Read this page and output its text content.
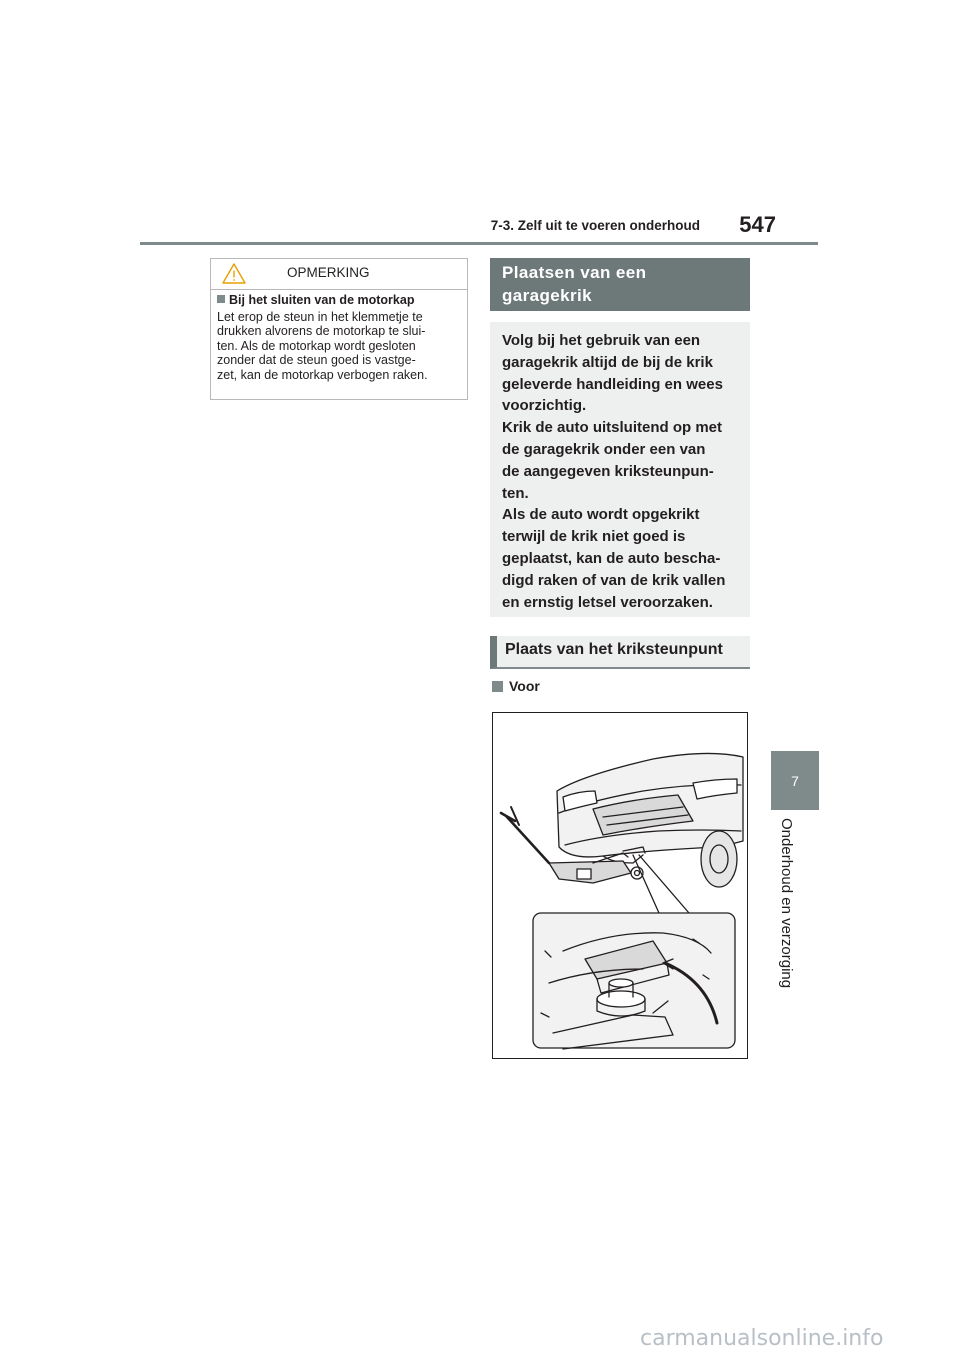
7-3. Zelf uit te voeren onderhoud	547
7
Onderhoud en verzorging
OPMERKING
Bij het sluiten van de motorkap
Let erop de steun in het klemmetje te
drukken alvorens de motorkap te slui-
ten. Als de motorkap wordt gesloten
zonder dat de steun goed is vastge-
zet, kan de motorkap verbogen raken.
Plaatsen van een
garagekrik
Volg bij het gebruik van een
garagekrik altijd de bij de krik
geleverde handleiding en wees
voorzichtig.
Krik de auto uitsluitend op met
de garagekrik onder een van
de aangegeven kriksteunpun-
ten.
Als de auto wordt opgekrikt
terwijl de krik niet goed is
geplaatst, kan de auto bescha-
digd raken of van de krik vallen
en ernstig letsel veroorzaken.
Plaats van het kriksteunpunt
Voor
carmanualsonline.info
